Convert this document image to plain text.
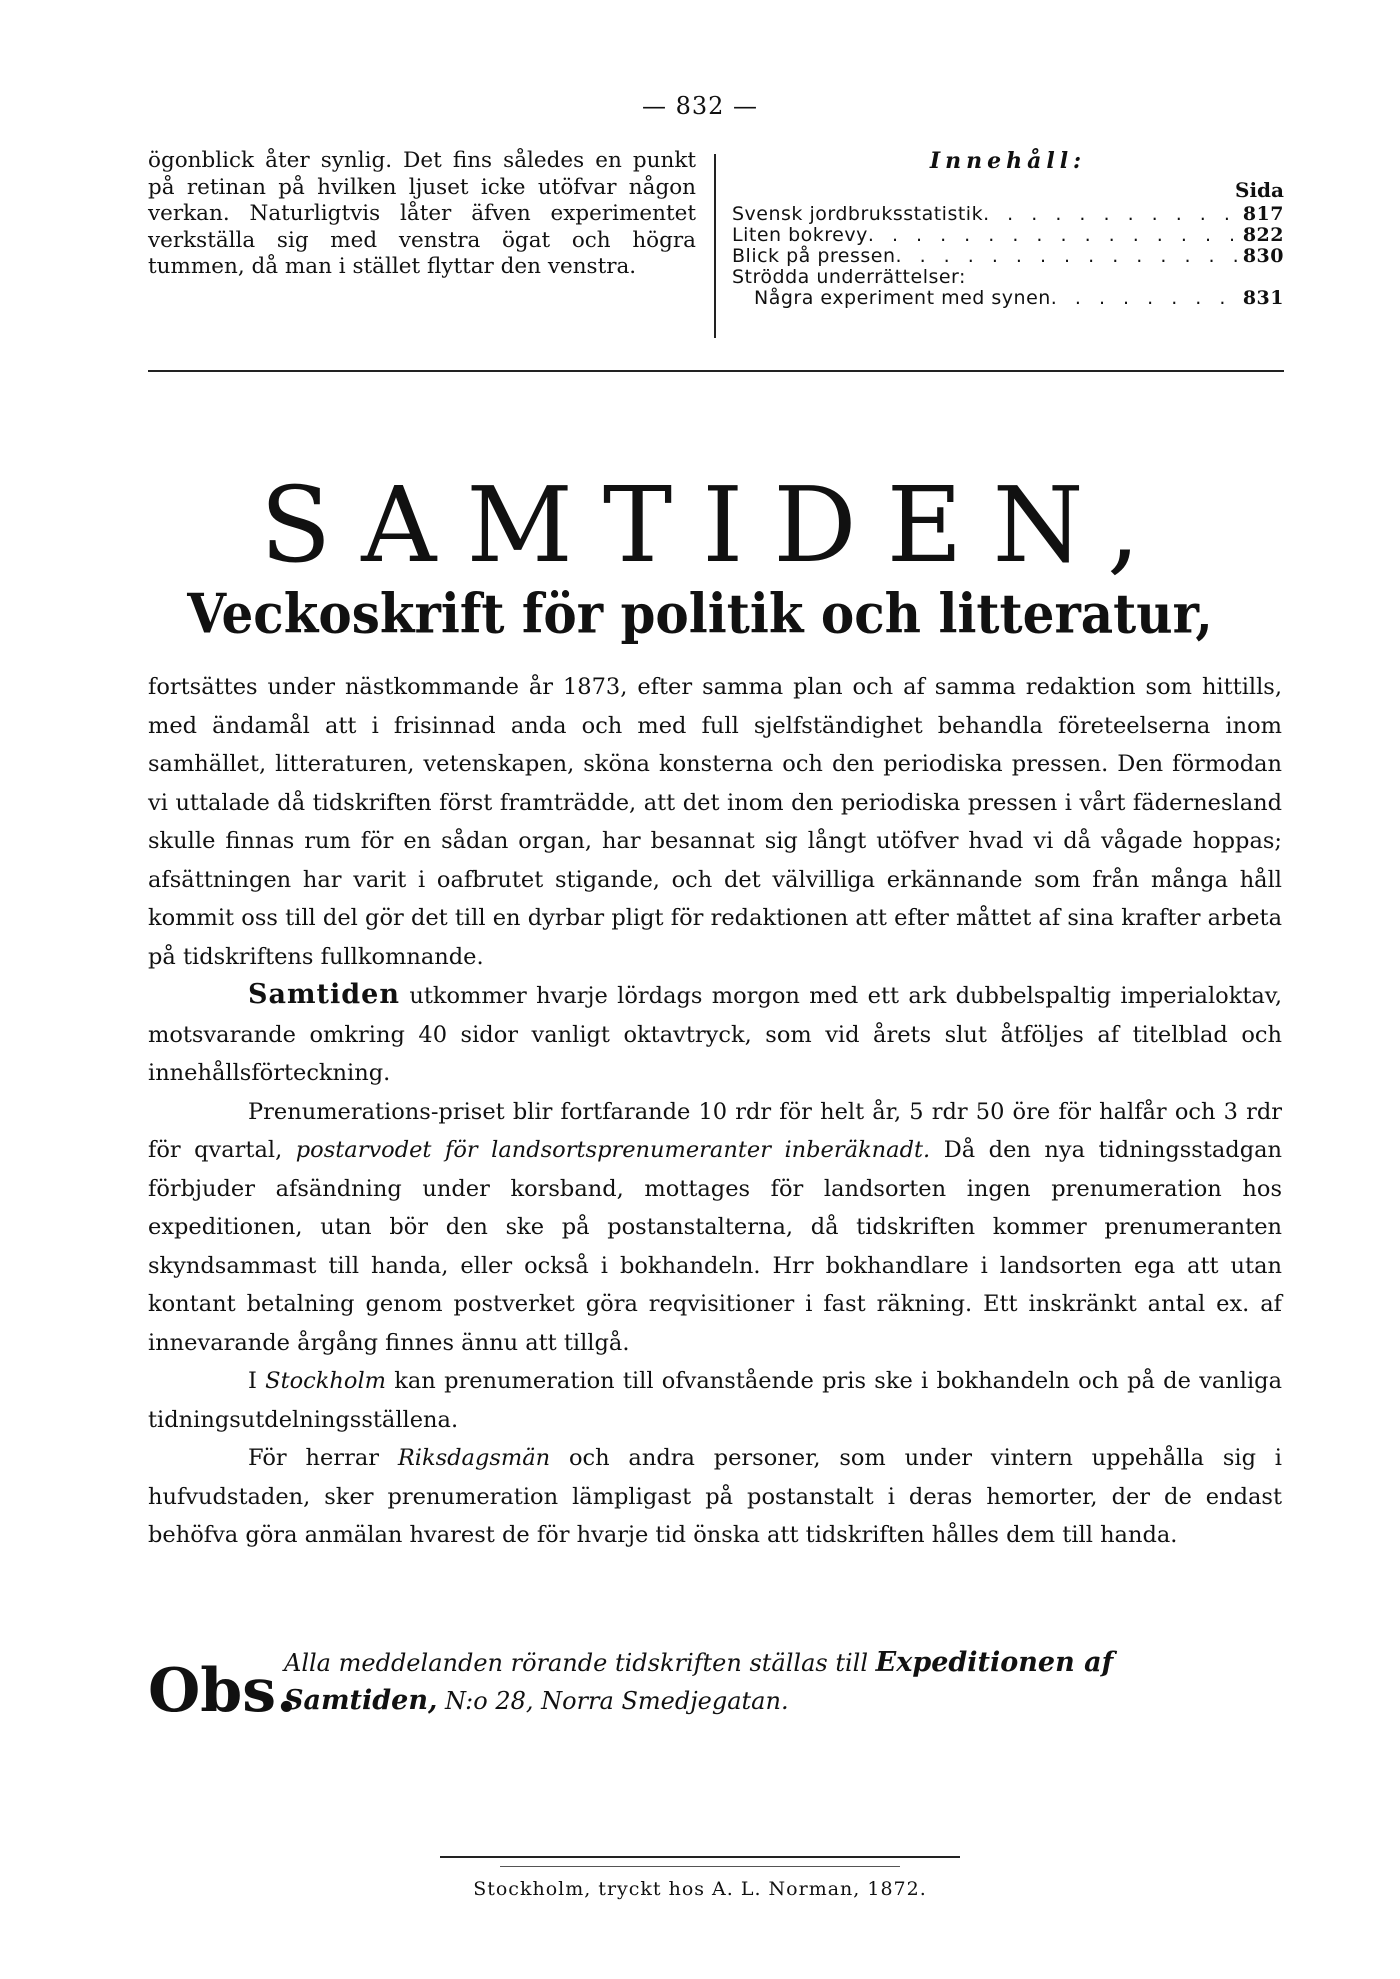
— 832 —
ögonblick åter synlig. Det fins således en punkt på retinan på hvilken ljuset icke utöfvar någon verkan. Naturligtvis låter äfven experimentet verkställa sig med venstra ögat och högra tummen, då man i stället flyttar den venstra.
Innehåll:
Sida
Svensk jordbruksstatistik . . .	817
Liten bokrevy . . .	822
Blick på pressen . . .	830
Strödda underrättelser:
Några experiment med synen . . .	831
SAMTIDEN,
Veckoskrift för politik och litteratur,

fortsättes under nästkommande år 1873, efter samma plan och af samma redaktion som hittills, med ändamål att i frisinnad anda och med full sjelfständighet behandla företeelserna inom samhället, litteraturen, vetenskapen, sköna konsterna och den periodiska pressen. Den förmodan vi uttalade då tidskriften först framträdde, att det inom den periodiska pressen i vårt fädernesland skulle finnas rum för en sådan organ, har besannat sig långt utöfver hvad vi då vågade hoppas; afsättningen har varit i oafbrutet stigande, och det välvilliga erkännande som från många håll kommit oss till del gör det till en dyrbar pligt för redaktionen att efter måttet af sina krafter arbeta på tidskriftens fullkomnande.

Samtiden utkommer hvarje lördags morgon med ett ark dubbelspaltig imperialoktav, motsvarande omkring 40 sidor vanligt oktavtryck, som vid årets slut åtföljes af titelblad och innehållsförteckning.

Prenumerations-priset blir fortfarande 10 rdr för helt år, 5 rdr 50 öre för halfår och 3 rdr för qvartal, postarvodet för landsortsprenumeranter inberäknadt. Då den nya tidningsstadgan förbjuder afsändning under korsband, mottages för landsorten ingen prenumeration hos expeditionen, utan bör den ske på postanstalterna, då tidskriften kommer prenumeranten skyndsammast till handa, eller också i bokhandeln. Hrr bokhandlare i landsorten ega att utan kontant betalning genom postverket göra reqvisitioner i fast räkning. Ett inskränkt antal ex. af innevarande årgång finnes ännu att tillgå.

I Stockholm kan prenumeration till ofvanstående pris ske i bokhandeln och på de vanliga tidningsutdelningsställena.

För herrar Riksdagsmän och andra personer, som under vintern uppehålla sig i hufvudstaden, sker prenumeration lämpligast på postanstalt i deras hemorter, der de endast behöfva göra anmälan hvarest de för hvarje tid önska att tidskriften hålles dem till handa.

Obs.
Alla meddelanden rörande tidskriften ställas till Expeditionen af
Samtiden, N:o 28, Norra Smedjegatan.
Stockholm, tryckt hos A. L. Norman, 1872.
